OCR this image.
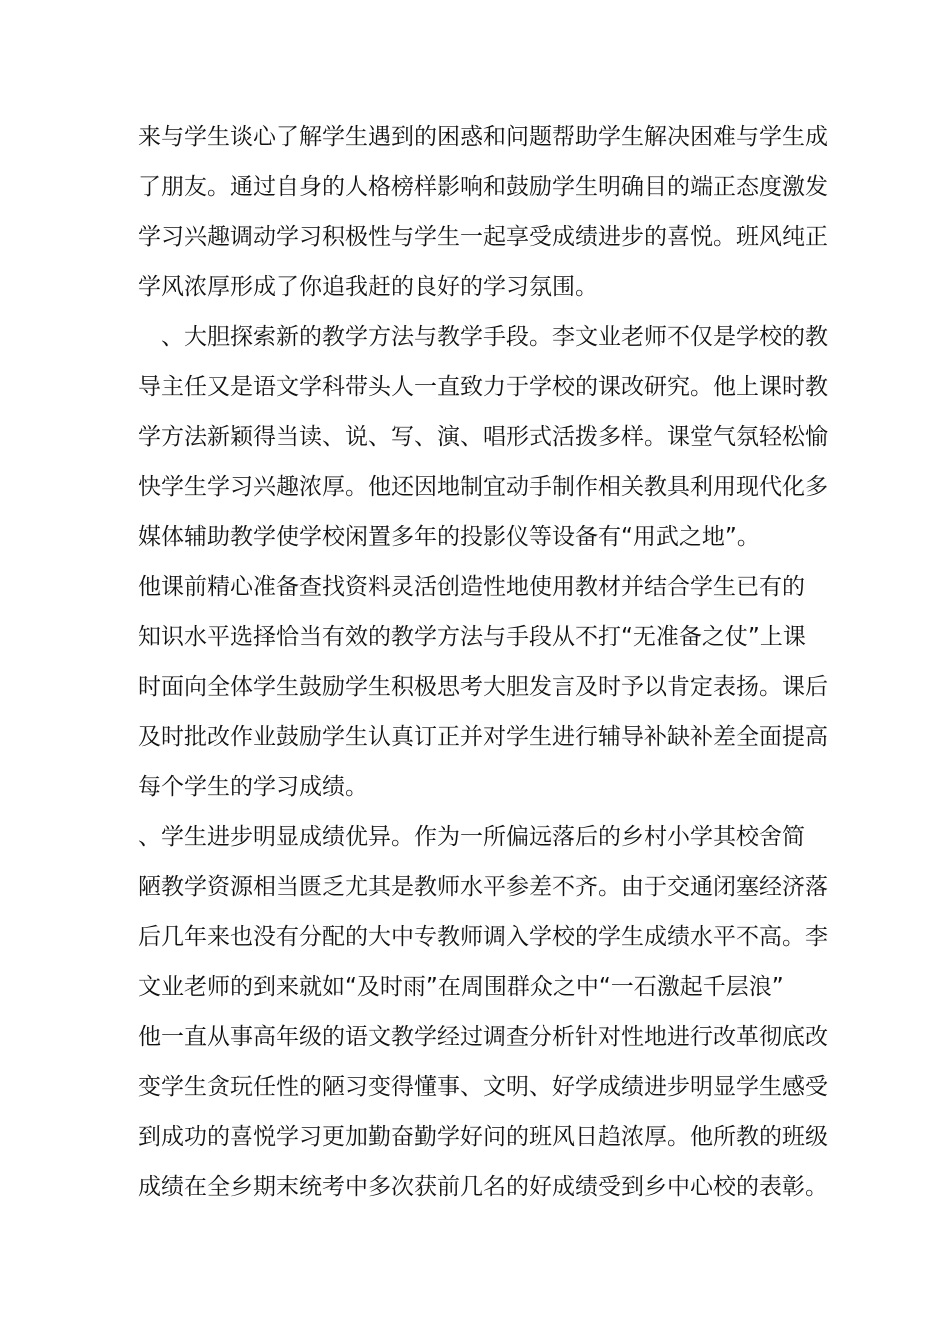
来与学生谈心了解学生遇到的困惑和问题帮助学生解决困难与学生成
了朋友。通过自身的人格榜样影响和鼓励学生明确目的端正态度激发
学习兴趣调动学习积极性与学生一起享受成绩进步的喜悦。班风纯正
学风浓厚形成了你追我赶的良好的学习氛围。
　、大胆探索新的教学方法与教学手段。李文业老师不仅是学校的教
导主任又是语文学科带头人一直致力于学校的课改研究。他上课时教
学方法新颖得当读、说、写、演、唱形式活拨多样。课堂气氛轻松愉
快学生学习兴趣浓厚。他还因地制宜动手制作相关教具利用现代化多
媒体辅助教学使学校闲置多年的投影仪等设备有“用武之地”。
他课前精心准备查找资料灵活创造性地使用教材并结合学生已有的
知识水平选择恰当有效的教学方法与手段从不打“无准备之仗”上课
时面向全体学生鼓励学生积极思考大胆发言及时予以肯定表扬。课后
及时批改作业鼓励学生认真订正并对学生进行辅导补缺补差全面提高
每个学生的学习成绩。
、学生进步明显成绩优异。作为一所偏远落后的乡村小学其校舍简
陋教学资源相当匮乏尤其是教师水平参差不齐。由于交通闭塞经济落
后几年来也没有分配的大中专教师调入学校的学生成绩水平不高。李
文业老师的到来就如“及时雨”在周围群众之中“一石激起千层浪”
他一直从事高年级的语文教学经过调查分析针对性地进行改革彻底改
变学生贪玩任性的陋习变得懂事、文明、好学成绩进步明显学生感受
到成功的喜悦学习更加勤奋勤学好问的班风日趋浓厚。他所教的班级
成绩在全乡期末统考中多次获前几名的好成绩受到乡中心校的表彰。
